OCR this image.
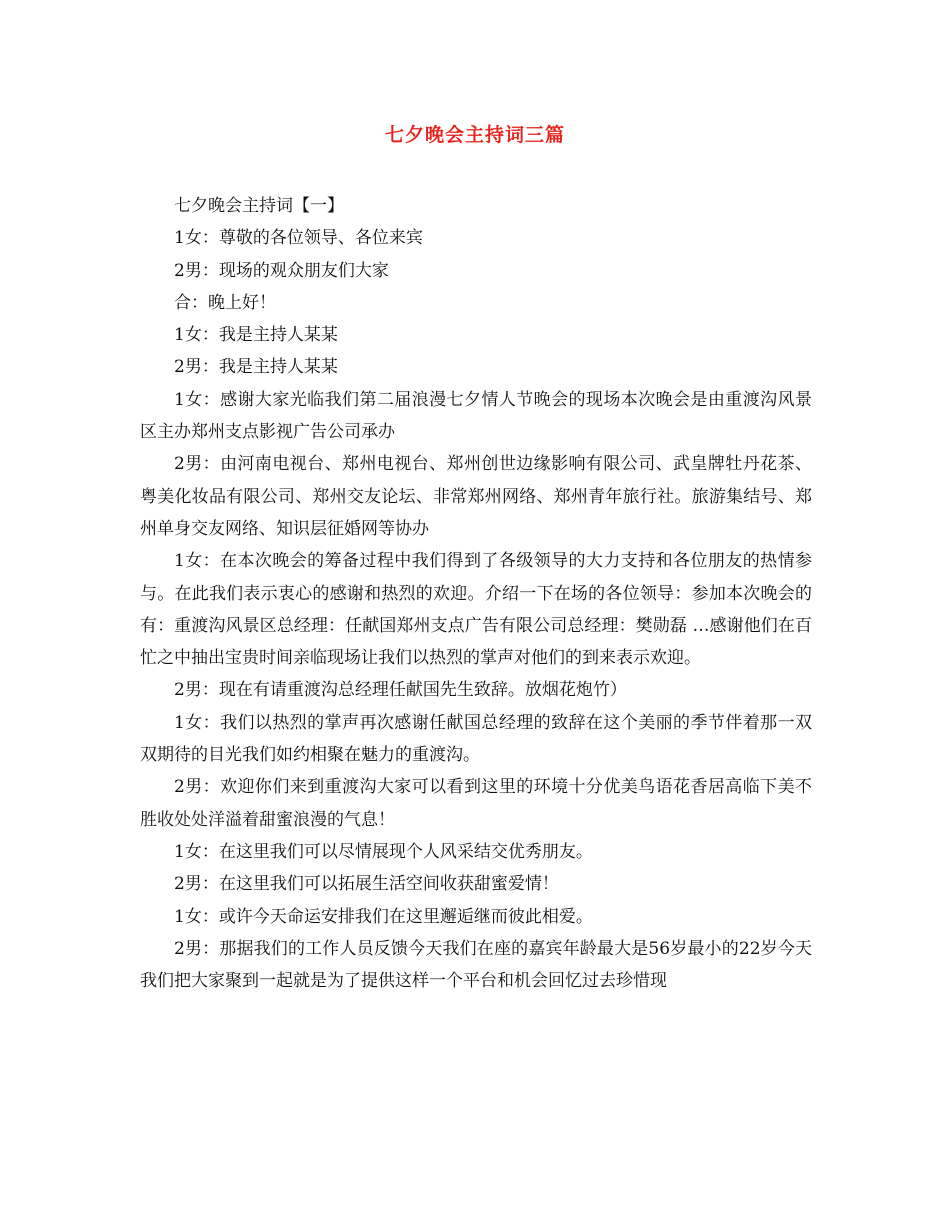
七夕晚会主持词三篇

七夕晚会主持词【一】

1女：尊敬的各位领导、各位来宾

2男：现场的观众朋友们大家

合：晚上好！

1女：我是主持人某某

2男：我是主持人某某

1女：感谢大家光临我们第二届浪漫七夕情人节晚会的现场本次晚会是由重渡沟风景区主办郑州支点影视广告公司承办

2男：由河南电视台、郑州电视台、郑州创世边缘影响有限公司、武皇牌牡丹花茶、粤美化妆品有限公司、郑州交友论坛、非常郑州网络、郑州青年旅行社。旅游集结号、郑州单身交友网络、知识层征婚网等协办

1女：在本次晚会的筹备过程中我们得到了各级领导的大力支持和各位朋友的热情参与。在此我们表示衷心的感谢和热烈的欢迎。介绍一下在场的各位领导：参加本次晚会的有：重渡沟风景区总经理：任献国郑州支点广告有限公司总经理：樊勋磊 …感谢他们在百忙之中抽出宝贵时间亲临现场让我们以热烈的掌声对他们的到来表示欢迎。

2男：现在有请重渡沟总经理任献国先生致辞。放烟花炮竹）

1女：我们以热烈的掌声再次感谢任献国总经理的致辞在这个美丽的季节伴着那一双双期待的目光我们如约相聚在魅力的重渡沟。

2男：欢迎你们来到重渡沟大家可以看到这里的环境十分优美鸟语花香居高临下美不胜收处处洋溢着甜蜜浪漫的气息！

1女：在这里我们可以尽情展现个人风采结交优秀朋友。

2男：在这里我们可以拓展生活空间收获甜蜜爱情！

1女：或许今天命运安排我们在这里邂逅继而彼此相爱。

2男：那据我们的工作人员反馈今天我们在座的嘉宾年龄最大是56岁最小的22岁今天我们把大家聚到一起就是为了提供这样一个平台和机会回忆过去珍惜现
